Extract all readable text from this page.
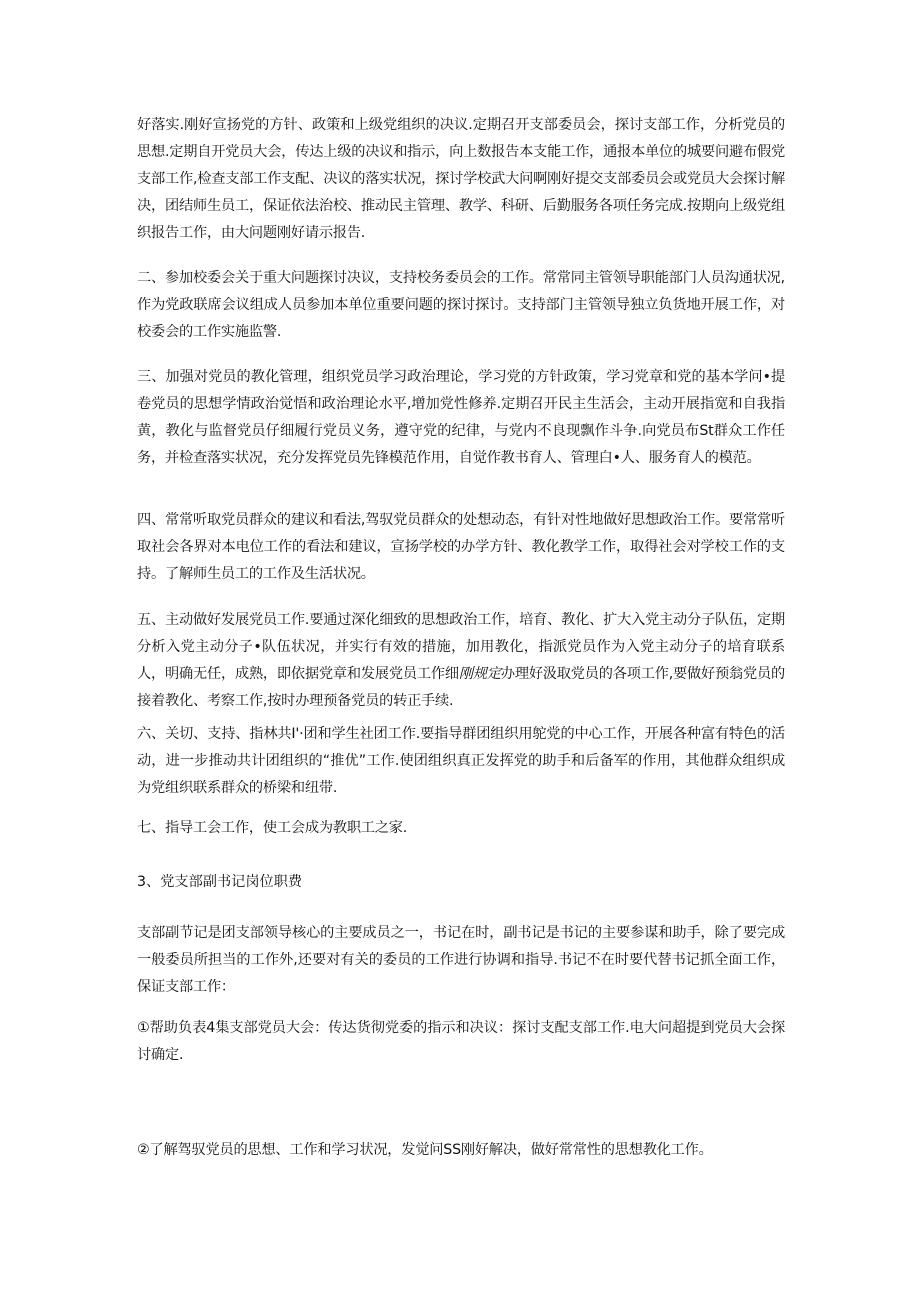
好落实.刚好宣扬党的方针、政策和上级党组织的决议.定期召开支部委员会，探讨支部工作，分析党员的思想.定期自开党员大会，传达上级的决议和指示，向上数报告本支能工作，通报本单位的城要问避布假党支部工作,检查支部工作支配、决议的落实状况，探讨学校武大问啊刚好提交支部委员会或党员大会探讨解决，团结师生员工，保证依法治校、推动民主管理、教学、科研、后勤服务各项任务完成.按期向上级党组织报告工作，由大问题刚好请示报告.

二、参加校委会关于重大问题探讨决议，支持校务委员会的工作。常常同主管领导职能部门人员沟通状况,作为党政联席会议组成人员参加本单位重要问题的探讨探讨。支持部门主管领导独立负货地开展工作，对校委会的工作实施监警.

三、加强对党员的教化管理，组织党员学习政治理论，学习党的方针政策，学习党章和党的基本学问•提卷党员的思想学情政治觉悟和政治理论水平,增加党性修养.定期召开民主生活会，主动开展指宽和自我指黄，教化与监督党员仔细履行党员义务，遵守党的纪律，与党内不良现飘作斗争.向党员布St群众工作任务，并检查落实状况，充分发挥党员先锋模范作用，自觉作教书育人、管理白•人、服务育人的模范。

四、常常听取党员群众的建议和看法,驾驭党员群众的处想动态，有针对性地做好思想政治工作。要常常听取社会各界对本电位工作的看法和建议，宣扬学校的办学方针、教化教学工作，取得社会对学校工作的支持。了解师生员工的工作及生活状况。

五、主动做好发展党员工作.要通过深化细致的思想政治工作，培育、教化、扩大入党主动分子队伍，定期分析入党主动分子•队伍状况，并实行有效的措施，加用教化，指派党员作为入党主动分子的培育联系人，明确无任，成熟，即依据党章和发展党员工作细刚规定办理好汲取党员的各项工作,要做好预翁党员的接着教化、考察工作,按时办理预备党员的转正手续.

六、关切、支持、指林共I'·团和学生社团工作.要指导群团组织用鸵党的中心工作，开展各种富有特色的活动，进一步推动共计团组织的“推优”工作.使团组织真正发挥党的助手和后备军的作用，其他群众组织成为党组织联系群众的桥梁和纽带.

七、指导工会工作，使工会成为教职工之家.

3、党支部副书记岗位职费

支部副节记是团支部领导核心的主要成员之一，书记在时，副书记是书记的主要参谋和助手，除了要完成一般委员所担当的工作外,还要对有关的委员的工作进行协调和指导.书记不在时要代替书记抓全面工作，保证支部工作：

①帮助负表4集支部党员大会：传达货彻党委的指示和决议：探讨支配支部工作.电大问超提到党员大会探讨确定.

②了解驾驭党员的思想、工作和学习状况，发觉问SS刚好解决，做好常常性的思想教化工作。
